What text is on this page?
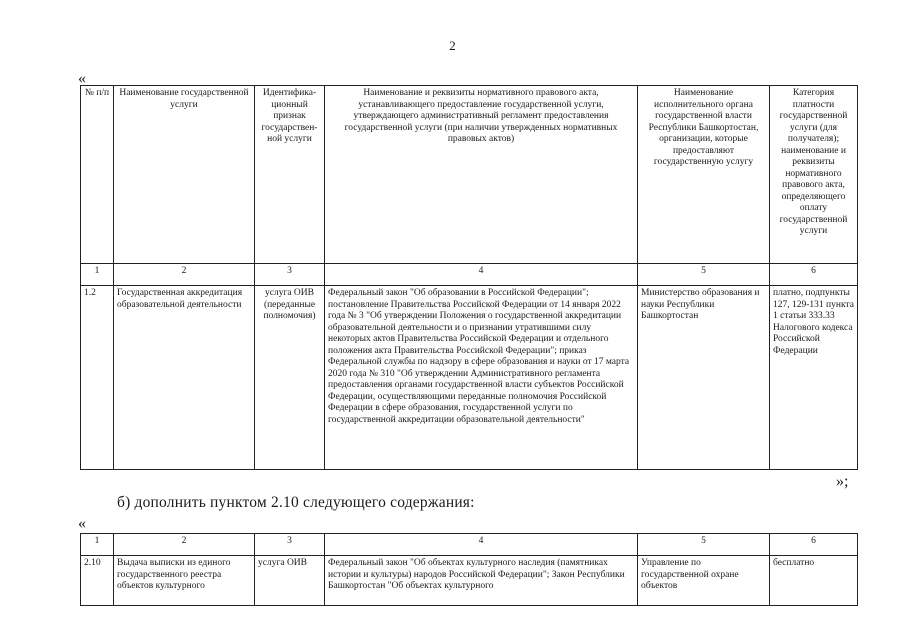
2
«
№ п/п	Наименование государственной услуги	Идентифика-ционный признак государствен-ной услуги	Наименование и реквизиты нормативного правового акта, устанавливающего предоставление государственной услуги, утверждающего административный регламент предоставления государственной услуги (при наличии утвержденных нормативных правовых актов)	Наименование исполнительного органа государственной власти Республики Башкортостан, организации, которые предоставляют государственную услугу	Категория платности государственной услуги (для получателя); наименование и реквизиты нормативного правового акта, определяющего оплату государственной услуги
1	2	3	4	5	6
1.2	Государственная аккредитация образовательной деятельности	услуга ОИВ (переданные полномочия)	Федеральный закон "Об образовании в Российской Федерации"; постановление Правительства Российской Федерации от 14 января 2022 года № 3 "Об утверждении Положения о государственной аккредитации образовательной деятельности и о признании утратившими силу некоторых актов Правительства Российской Федерации и отдельного положения акта Правительства Российской Федерации"; приказ Федеральной службы по надзору в сфере образования и науки от 17 марта 2020 года № 310 "Об утверждении Административного регламента предоставления органами государственной власти субъектов Российской Федерации, осуществляющими переданные полномочия Российской Федерации в сфере образования, государственной услуги по государственной аккредитации образовательной деятельности"	Министерство образования и науки Республики Башкортостан	платно, подпункты 127, 129-131 пункта 1 статьи 333.33 Налогового кодекса Российской Федерации
»;
б) дополнить пунктом 2.10 следующего содержания:
«
1	2	3	4	5	6
2.10	Выдача выписки из единого государственного реестра объектов культурного	услуга ОИВ	Федеральный закон "Об объектах культурного наследия (памятниках истории и культуры) народов Российской Федерации"; Закон Республики Башкортостан "Об объектах культурного	Управление по государственной охране объектов	бесплатно
